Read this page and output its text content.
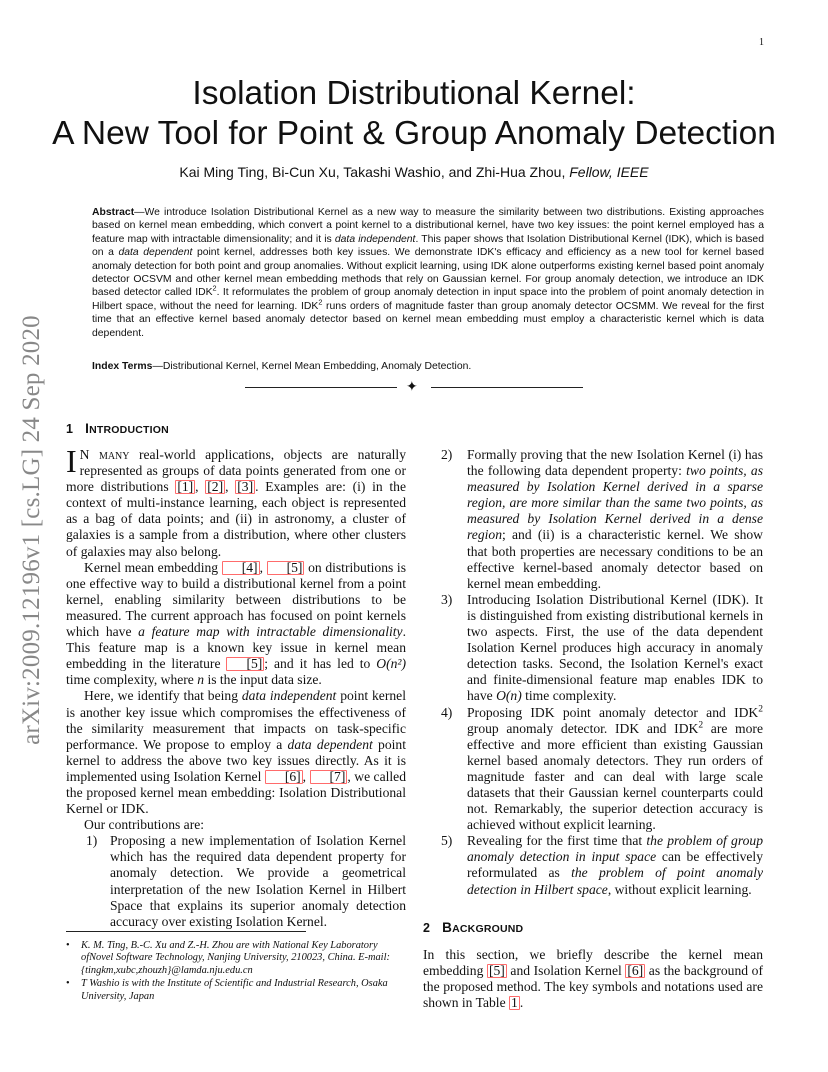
1
arXiv:2009.12196v1 [cs.LG] 24 Sep 2020
Isolation Distributional Kernel:
A New Tool for Point & Group Anomaly Detection
Kai Ming Ting, Bi-Cun Xu, Takashi Washio, and Zhi-Hua Zhou, Fellow, IEEE
Abstract—We introduce Isolation Distributional Kernel as a new way to measure the similarity between two distributions. Existing approaches based on kernel mean embedding, which convert a point kernel to a distributional kernel, have two key issues: the point kernel employed has a feature map with intractable dimensionality; and it is data independent. This paper shows that Isolation Distributional Kernel (IDK), which is based on a data dependent point kernel, addresses both key issues. We demonstrate IDK's efficacy and efficiency as a new tool for kernel based anomaly detection for both point and group anomalies. Without explicit learning, using IDK alone outperforms existing kernel based point anomaly detector OCSVM and other kernel mean embedding methods that rely on Gaussian kernel. For group anomaly detection, we introduce an IDK based detector called IDK$^2$. It reformulates the problem of group anomaly detection in input space into the problem of point anomaly detection in Hilbert space, without the need for learning. IDK$^2$ runs orders of magnitude faster than group anomaly detector OCSMM. We reveal for the first time that an effective kernel based anomaly detector based on kernel mean embedding must employ a characteristic kernel which is data dependent.
Index Terms—Distributional Kernel, Kernel Mean Embedding, Anomaly Detection.
✦
1 INTRODUCTION

I N many real-world applications, objects are naturally represented as groups of data points generated from one or more distributions [1] , [2] , [3] . Examples are: (i) in the context of multi-instance learning, each object is represented as a bag of data points; and (ii) in astronomy, a cluster of galaxies is a sample from a distribution, where other clusters of galaxies may also belong.

Kernel mean embedding [4] , [5] on distributions is one effective way to build a distributional kernel from a point kernel, enabling similarity between distributions to be measured. The current approach has focused on point kernels which have a feature map with intractable dimensionality. This feature map is a known key issue in kernel mean embedding in the literature [5] ; and it has led to O(n²) time complexity, where n is the input data size.

Here, we identify that being data independent point kernel is another key issue which compromises the effectiveness of the similarity measurement that impacts on task-specific performance. We propose to employ a data dependent point kernel to address the above two key issues directly. As it is implemented using Isolation Kernel [6] , [7] , we called the proposed kernel mean embedding: Isolation Distributional Kernel or IDK.

Our contributions are:

1) Proposing a new implementation of Isolation Kernel which has the required data dependent property for anomaly detection. We provide a geometrical interpretation of the new Isolation Kernel in Hilbert Space that explains its superior anomaly detection accuracy over existing Isolation Kernel.
• K. M. Ting, B.-C. Xu and Z.-H. Zhou are with National Key Laboratory ofNovel Software Technology, Nanjing University, 210023, China. E-mail: {tingkm,xubc,zhouzh}@lamda.nju.edu.cn
• T Washio is with the Institute of Scientific and Industrial Research, Osaka University, Japan
2) Formally proving that the new Isolation Kernel (i) has the following data dependent property: two points, as measured by Isolation Kernel derived in a sparse region, are more similar than the same two points, as measured by Isolation Kernel derived in a dense region; and (ii) is a characteristic kernel. We show that both properties are necessary conditions to be an effective kernel-based anomaly detector based on kernel mean embedding.
3) Introducing Isolation Distributional Kernel (IDK). It is distinguished from existing distributional kernels in two aspects. First, the use of the data dependent Isolation Kernel produces high accuracy in anomaly detection tasks. Second, the Isolation Kernel's exact and finite-dimensional feature map enables IDK to have O(n) time complexity.
4) Proposing IDK point anomaly detector and IDK$^2$ group anomaly detector. IDK and IDK$^2$ are more effective and more efficient than existing Gaussian kernel based anomaly detectors. They run orders of magnitude faster and can deal with large scale datasets that their Gaussian kernel counterparts could not. Remarkably, the superior detection accuracy is achieved without explicit learning.
5) Revealing for the first time that the problem of group anomaly detection in input space can be effectively reformulated as the problem of point anomaly detection in Hilbert space, without explicit learning.
2 BACKGROUND

In this section, we briefly describe the kernel mean embedding [5] and Isolation Kernel [6] as the background of the proposed method. The key symbols and notations used are shown in Table 1 .
